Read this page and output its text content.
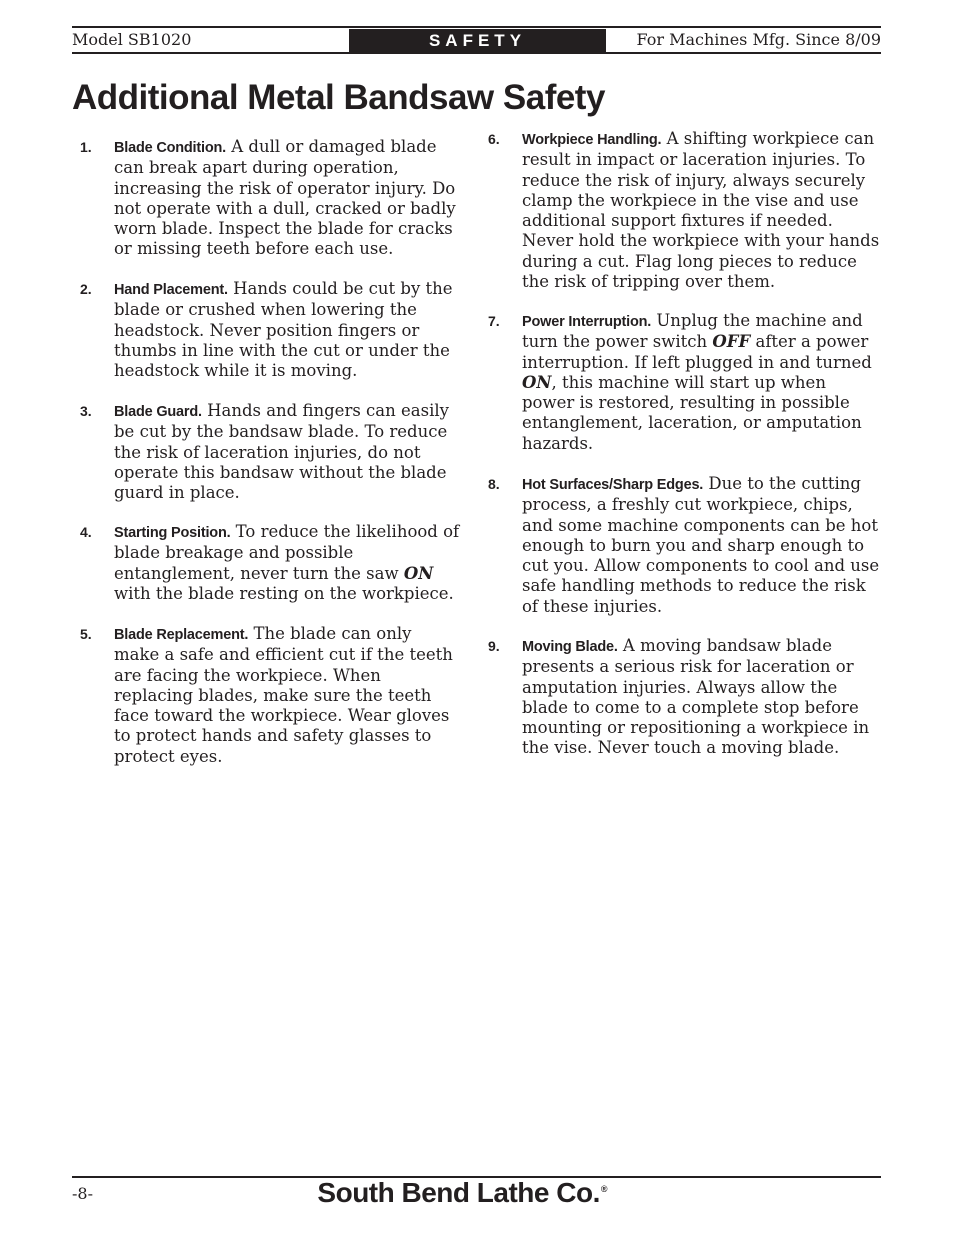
Model SB1020	SAFETY	For Machines Mfg. Since 8/09
Additional Metal Bandsaw Safety
1. Blade Condition. A dull or damaged blade can break apart during operation, increasing the risk of operator injury. Do not operate with a dull, cracked or badly worn blade. Inspect the blade for cracks or missing teeth before each use.
2. Hand Placement. Hands could be cut by the blade or crushed when lowering the headstock. Never position fingers or thumbs in line with the cut or under the headstock while it is moving.
3. Blade Guard. Hands and fingers can easily be cut by the bandsaw blade. To reduce the risk of laceration injuries, do not operate this bandsaw without the blade guard in place.
4. Starting Position. To reduce the likelihood of blade breakage and possible entanglement, never turn the saw ON with the blade resting on the workpiece.
5. Blade Replacement. The blade can only make a safe and efficient cut if the teeth are facing the workpiece. When replacing blades, make sure the teeth face toward the workpiece. Wear gloves to protect hands and safety glasses to protect eyes.
6. Workpiece Handling. A shifting workpiece can result in impact or laceration injuries. To reduce the risk of injury, always securely clamp the workpiece in the vise and use additional support fixtures if needed. Never hold the workpiece with your hands during a cut. Flag long pieces to reduce the risk of tripping over them.
7. Power Interruption. Unplug the machine and turn the power switch OFF after a power interruption. If left plugged in and turned ON, this machine will start up when power is restored, resulting in possible entanglement, laceration, or amputation hazards.
8. Hot Surfaces/Sharp Edges. Due to the cutting process, a freshly cut workpiece, chips, and some machine components can be hot enough to burn you and sharp enough to cut you. Allow components to cool and use safe handling methods to reduce the risk of these injuries.
9. Moving Blade. A moving bandsaw blade presents a serious risk for laceration or amputation injuries. Always allow the blade to come to a complete stop before mounting or repositioning a workpiece in the vise. Never touch a moving blade.
-8-	South Bend Lathe Co.®
